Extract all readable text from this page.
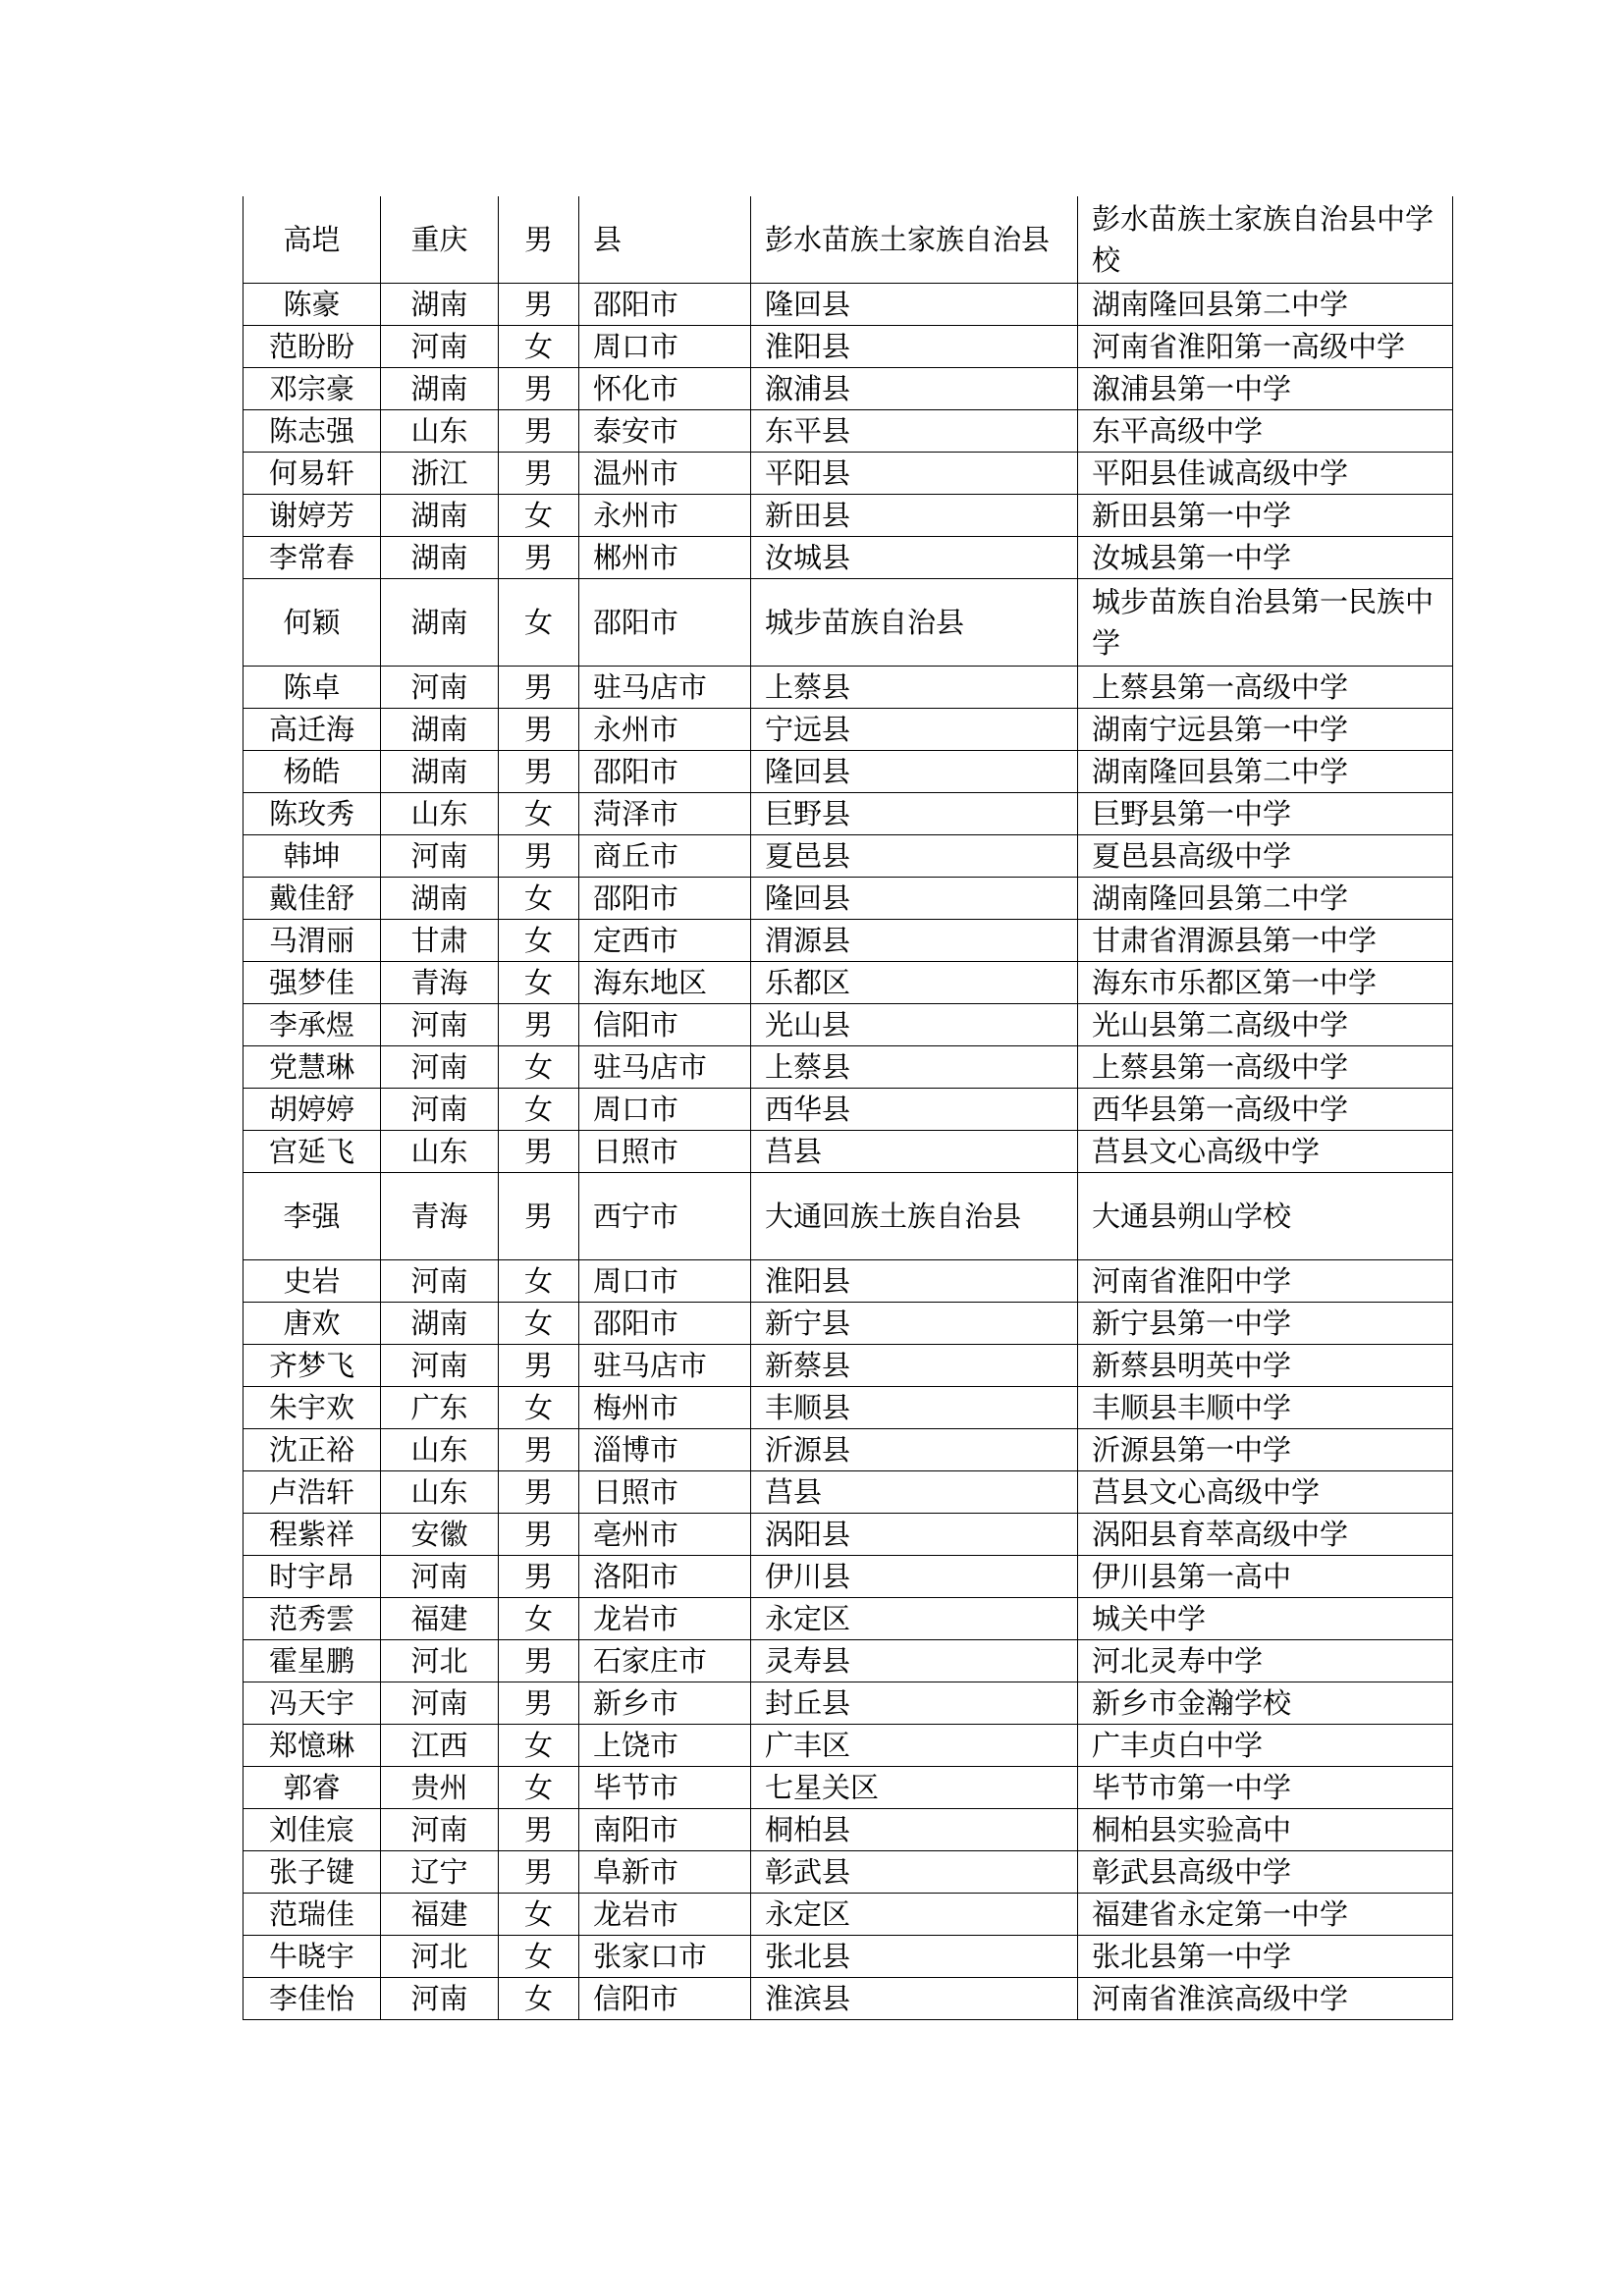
高垲	重庆	男	县	彭水苗族土家族自治县	彭水苗族土家族自治县中学校
陈豪	湖南	男	邵阳市	隆回县	湖南隆回县第二中学
范盼盼	河南	女	周口市	淮阳县	河南省淮阳第一高级中学
邓宗豪	湖南	男	怀化市	溆浦县	溆浦县第一中学
陈志强	山东	男	泰安市	东平县	东平高级中学
何易轩	浙江	男	温州市	平阳县	平阳县佳诚高级中学
谢婷芳	湖南	女	永州市	新田县	新田县第一中学
李常春	湖南	男	郴州市	汝城县	汝城县第一中学
何颖	湖南	女	邵阳市	城步苗族自治县	城步苗族自治县第一民族中学
陈卓	河南	男	驻马店市	上蔡县	上蔡县第一高级中学
高迁海	湖南	男	永州市	宁远县	湖南宁远县第一中学
杨皓	湖南	男	邵阳市	隆回县	湖南隆回县第二中学
陈玫秀	山东	女	菏泽市	巨野县	巨野县第一中学
韩坤	河南	男	商丘市	夏邑县	夏邑县高级中学
戴佳舒	湖南	女	邵阳市	隆回县	湖南隆回县第二中学
马渭丽	甘肃	女	定西市	渭源县	甘肃省渭源县第一中学
强梦佳	青海	女	海东地区	乐都区	海东市乐都区第一中学
李承煜	河南	男	信阳市	光山县	光山县第二高级中学
党慧琳	河南	女	驻马店市	上蔡县	上蔡县第一高级中学
胡婷婷	河南	女	周口市	西华县	西华县第一高级中学
宫延飞	山东	男	日照市	莒县	莒县文心高级中学
李强	青海	男	西宁市	大通回族土族自治县	大通县朔山学校
史岩	河南	女	周口市	淮阳县	河南省淮阳中学
唐欢	湖南	女	邵阳市	新宁县	新宁县第一中学
齐梦飞	河南	男	驻马店市	新蔡县	新蔡县明英中学
朱宇欢	广东	女	梅州市	丰顺县	丰顺县丰顺中学
沈正裕	山东	男	淄博市	沂源县	沂源县第一中学
卢浩轩	山东	男	日照市	莒县	莒县文心高级中学
程紫祥	安徽	男	亳州市	涡阳县	涡阳县育萃高级中学
时宇昂	河南	男	洛阳市	伊川县	伊川县第一高中
范秀雲	福建	女	龙岩市	永定区	城关中学
霍星鹏	河北	男	石家庄市	灵寿县	河北灵寿中学
冯天宇	河南	男	新乡市	封丘县	新乡市金瀚学校
郑憶琳	江西	女	上饶市	广丰区	广丰贞白中学
郭睿	贵州	女	毕节市	七星关区	毕节市第一中学
刘佳宸	河南	男	南阳市	桐柏县	桐柏县实验高中
张子键	辽宁	男	阜新市	彰武县	彰武县高级中学
范瑞佳	福建	女	龙岩市	永定区	福建省永定第一中学
牛晓宇	河北	女	张家口市	张北县	张北县第一中学
李佳怡	河南	女	信阳市	淮滨县	河南省淮滨高级中学
